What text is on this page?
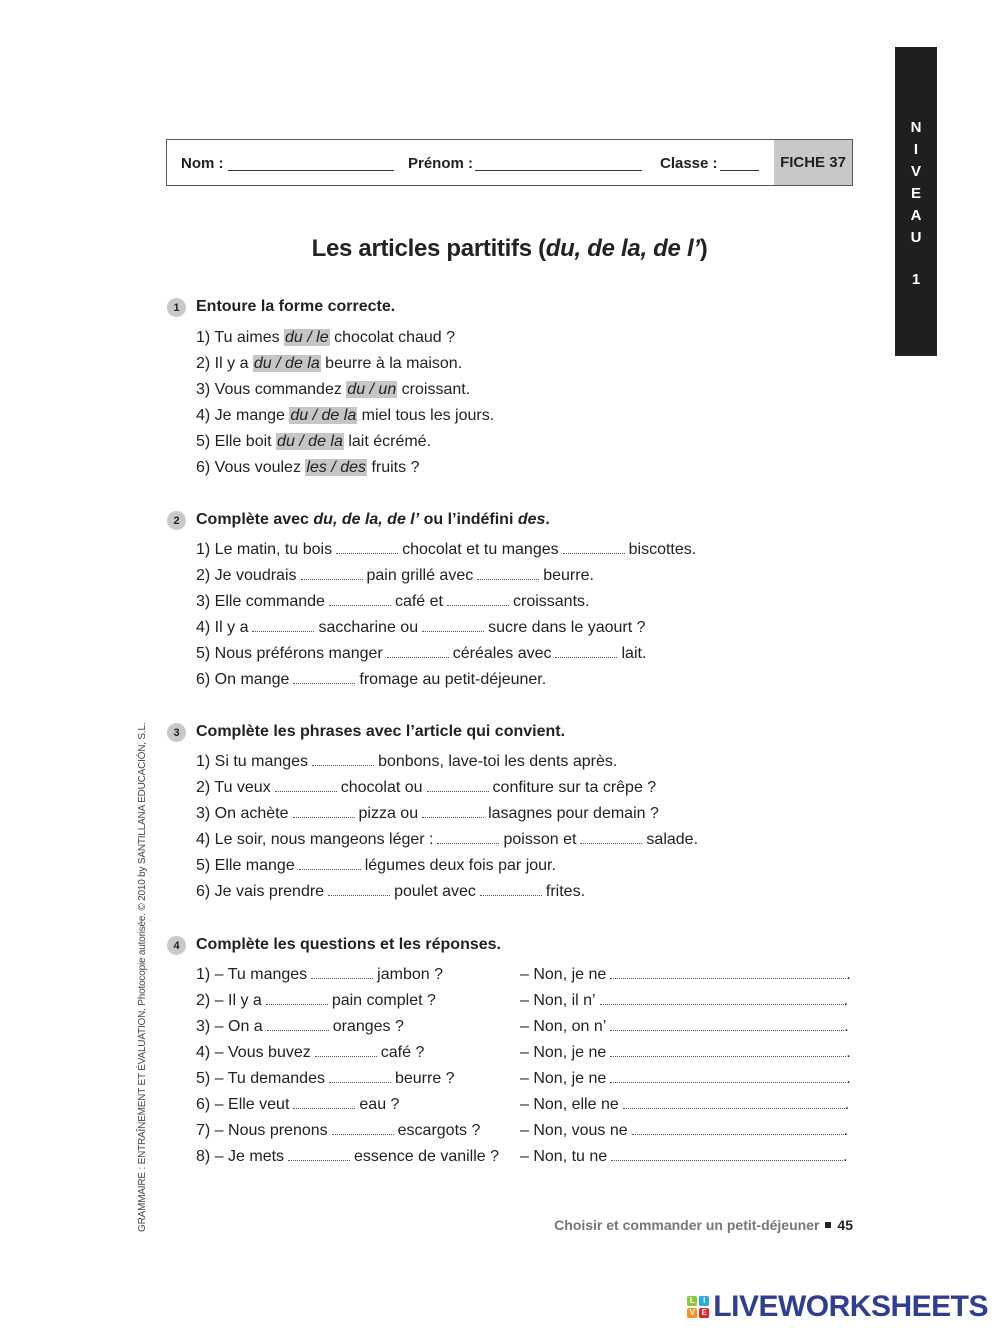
N
I
V
E
A
U
1
Nom :	Prénom :	Classe :	FICHE 37
Les articles partitifs (du, de la, de l’)
1	Entoure la forme correcte.
1) Tu aimes du / le chocolat chaud ?
2) Il y a du / de la beurre à la maison.
3) Vous commandez du / un croissant.
4) Je mange du / de la miel tous les jours.
5) Elle boit du / de la lait écrémé.
6) Vous voulez les / des fruits ?
2	Complète avec du, de la, de l’ ou l’indéfini des.
1) Le matin, tu bois	chocolat et tu manges	biscottes.
2) Je voudrais	pain grillé avec	beurre.
3) Elle commande	café et	croissants.
4) Il y a	saccharine ou	sucre dans le yaourt ?
5) Nous préférons manger	céréales avec	lait.
6) On mange	fromage au petit-déjeuner.
3	Complète les phrases avec l’article qui convient.
1) Si tu manges	bonbons, lave-toi les dents après.
2) Tu veux	chocolat ou	confiture sur ta crêpe ?
3) On achète	pizza ou	lasagnes pour demain ?
4) Le soir, nous mangeons léger :	poisson et	salade.
5) Elle mange	légumes deux fois par jour.
6) Je vais prendre	poulet avec	frites.
4	Complète les questions et les réponses.
1) – Tu manges	jambon ?	– Non, je ne	.
2) – Il y a	pain complet ?	– Non, il n’	.
3) – On a	oranges ?	– Non, on n’	.
4) – Vous buvez	café ?	– Non, je ne	.
5) – Tu demandes	beurre ?	– Non, je ne	.
6) – Elle veut	eau ?	– Non, elle ne	.
7) – Nous prenons	escargots ? – Non, vous ne	.
8) – Je mets	essence de vanille ? – Non, tu ne	.
GRAMMAIRE : ENTRAÎNEMENT ET ÉVALUATION. Photocopie autorisée. © 2010 by SANTILLANA EDUCACIÓN, S.L.	Choisir et commander un petit-déjeuner 45
L	I
V E LIVEWORKSHEETS
